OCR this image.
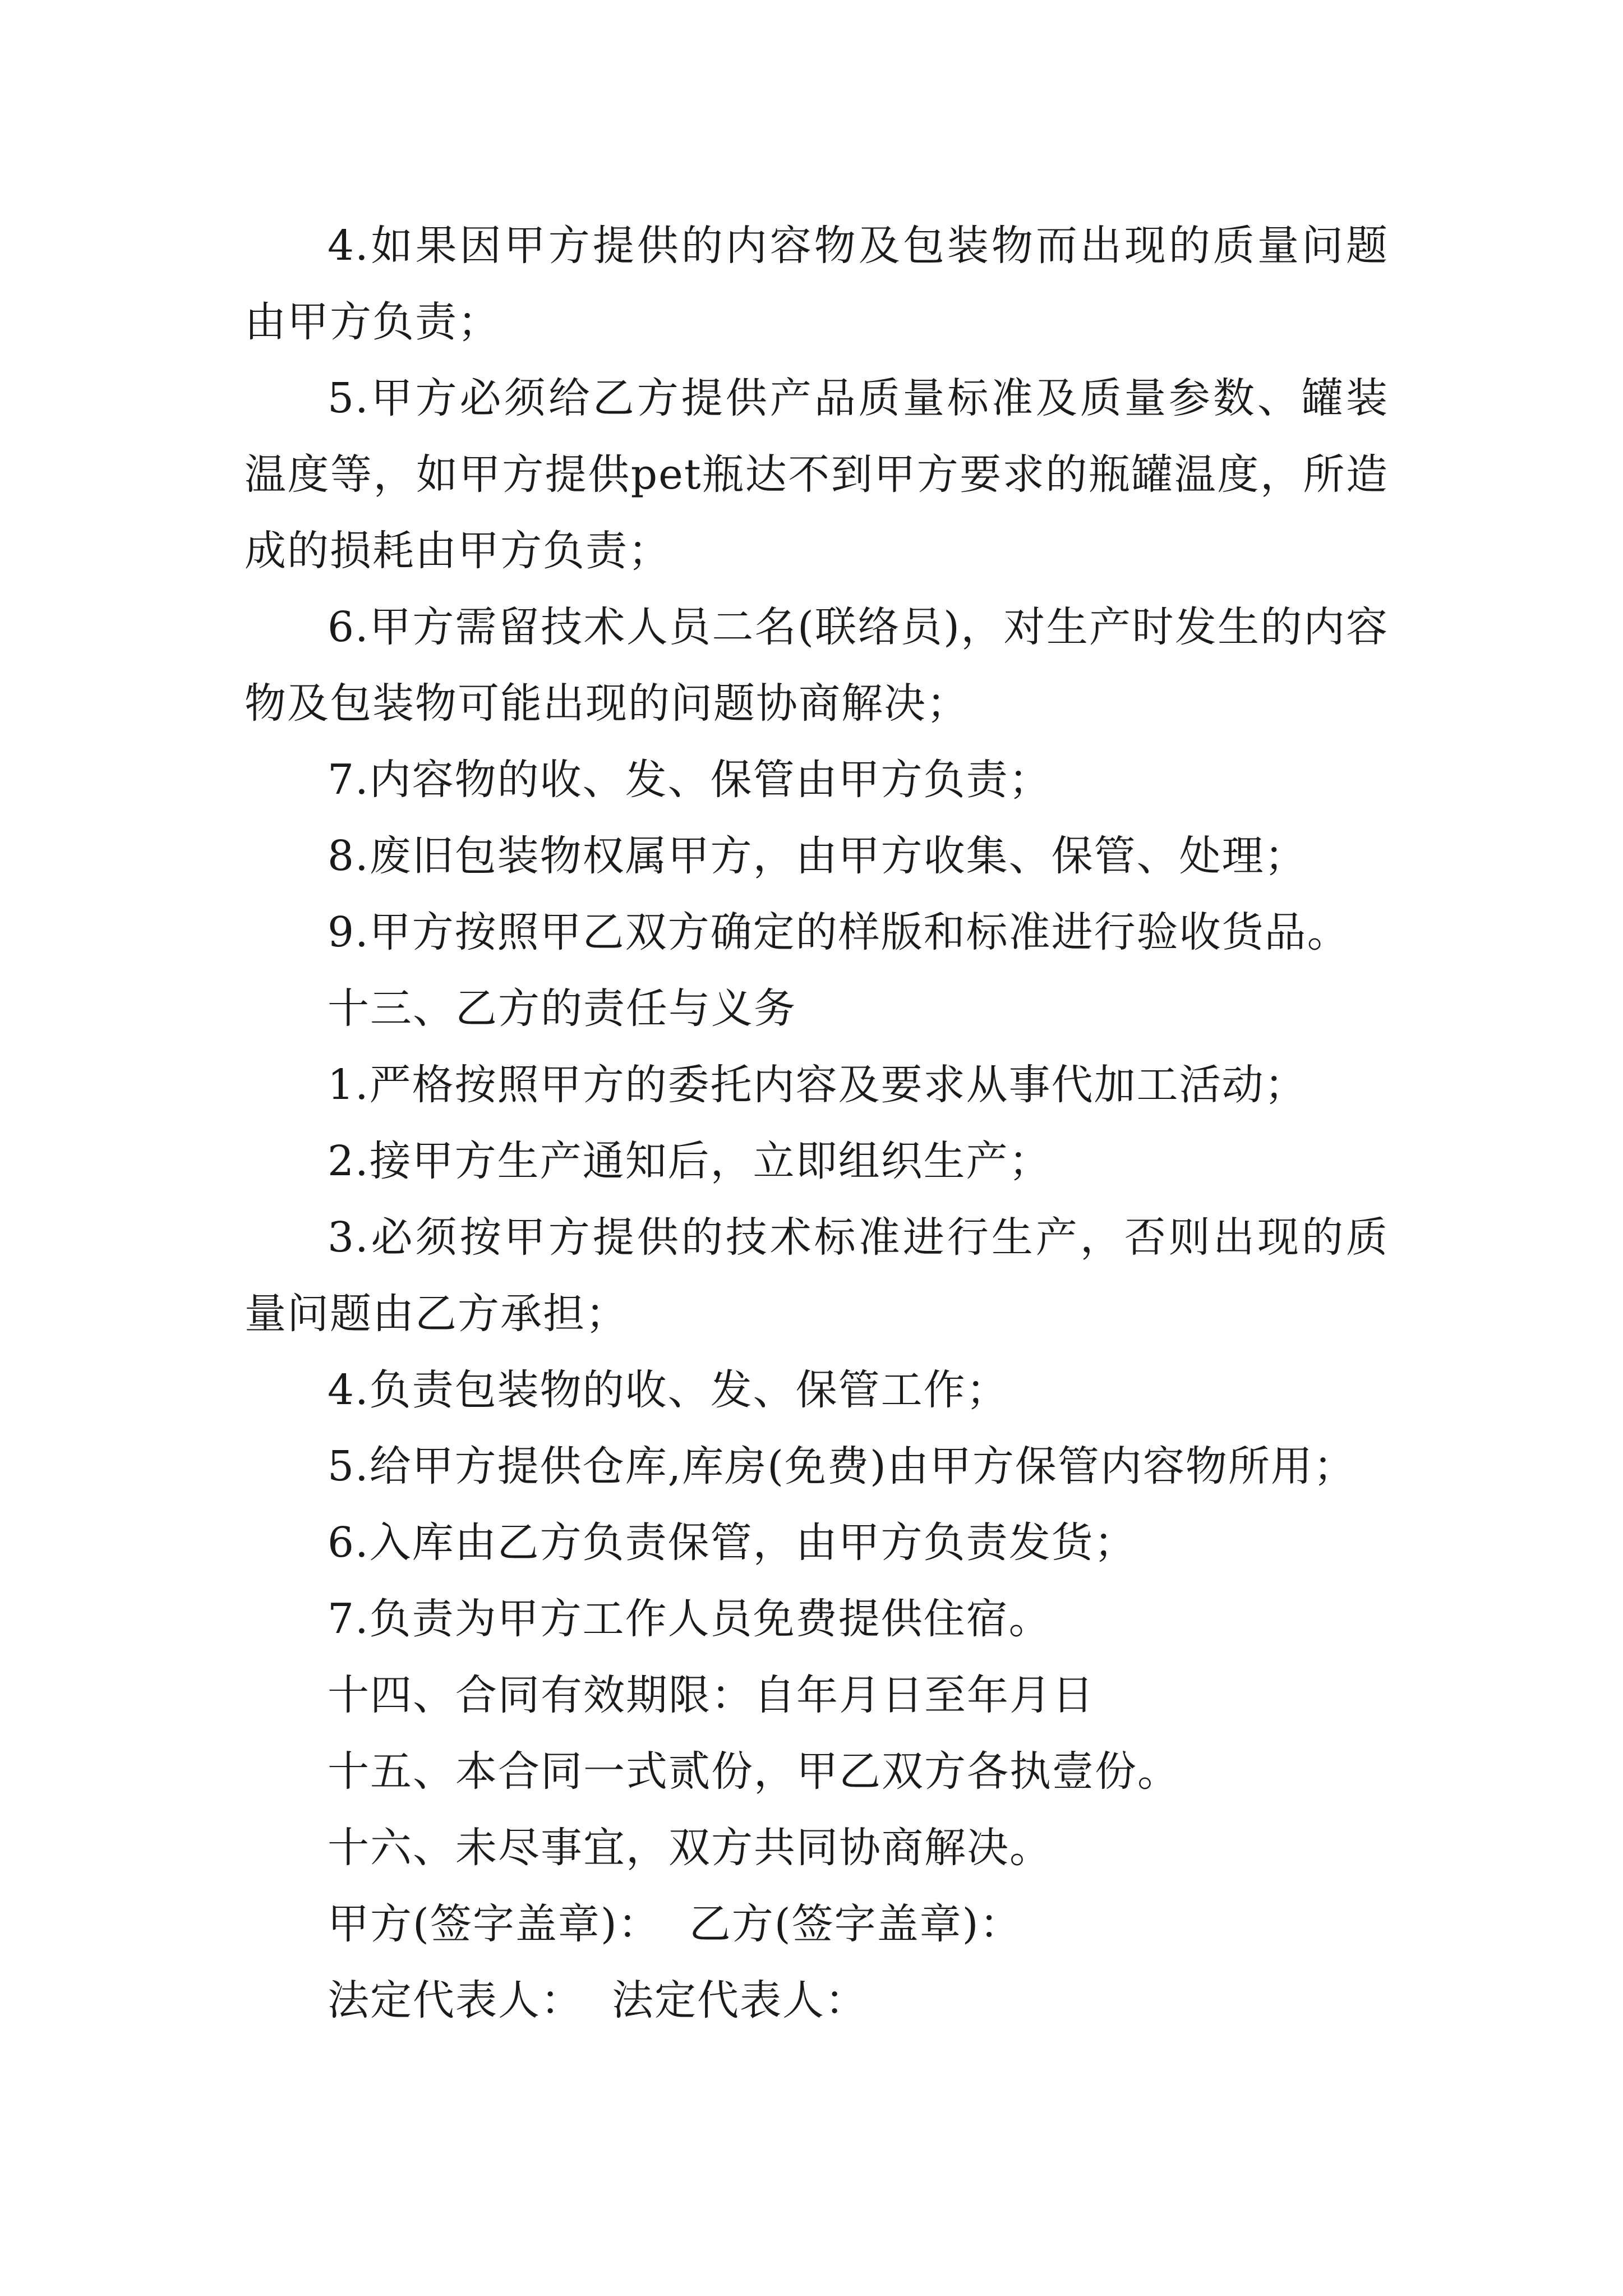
4.如果因甲方提供的内容物及包装物而出现的质量问题由甲方负责；

5.甲方必须给乙方提供产品质量标准及质量参数、罐装温度等，如甲方提供pet瓶达不到甲方要求的瓶罐温度，所造成的损耗由甲方负责；

6.甲方需留技术人员二名(联络员)，对生产时发生的内容物及包装物可能出现的问题协商解决；

7.内容物的收、发、保管由甲方负责；

8.废旧包装物权属甲方，由甲方收集、保管、处理；

9.甲方按照甲乙双方确定的样版和标准进行验收货品。

十三、乙方的责任与义务

1.严格按照甲方的委托内容及要求从事代加工活动；

2.接甲方生产通知后，立即组织生产；

3.必须按甲方提供的技术标准进行生产，否则出现的质量问题由乙方承担；

4.负责包装物的收、发、保管工作；

5.给甲方提供仓库,库房(免费)由甲方保管内容物所用；

6.入库由乙方负责保管，由甲方负责发货；

7.负责为甲方工作人员免费提供住宿。

十四、合同有效期限：自年月日至年月日

十五、本合同一式贰份，甲乙双方各执壹份。

十六、未尽事宜，双方共同协商解决。

甲方(签字盖章)：  乙方(签字盖章)：

法定代表人：  法定代表人：
